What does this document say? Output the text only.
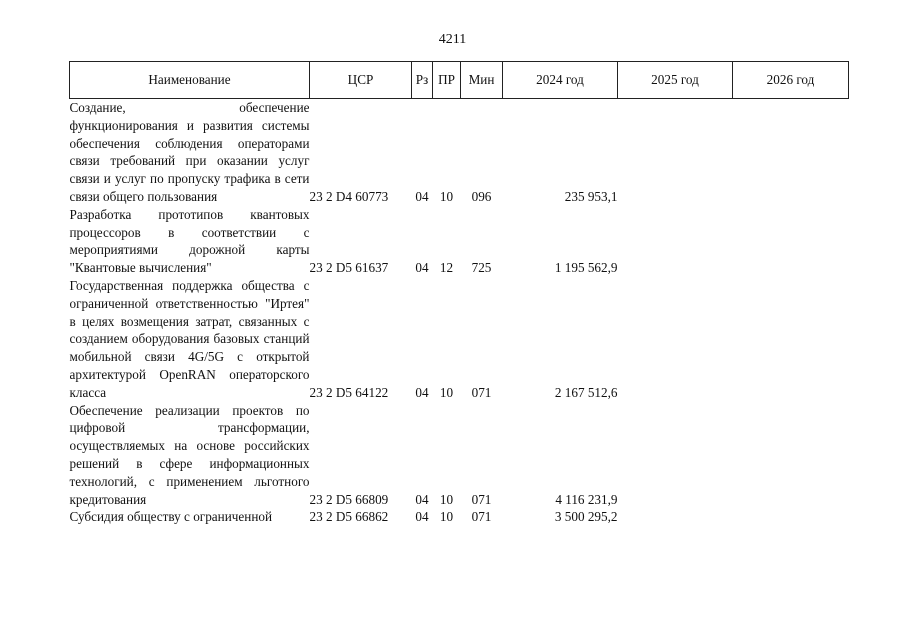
4211
Наименование	ЦСР	Рз	ПР	Мин	2024 год	2025 год	2026 год
Создание, обеспечение функционирования и развития системы обеспечения соблюдения операторами связи требований при оказании услуг связи и услуг по пропуску трафика в сети связи общего пользования	23 2 D4 60773	04	10	096	235 953,1		
Разработка прототипов квантовых процессоров в соответствии с мероприятиями дорожной карты "Квантовые вычисления"	23 2 D5 61637	04	12	725	1 195 562,9		
Государственная поддержка общества с ограниченной ответственностью "Иртея" в целях возмещения затрат, связанных с созданием оборудования базовых станций мобильной связи 4G/5G с открытой архитектурой OpenRAN операторского класса	23 2 D5 64122	04	10	071	2 167 512,6		
Обеспечение реализации проектов по цифровой трансформации, осуществляемых на основе российских решений в сфере информационных технологий, с применением льготного кредитования	23 2 D5 66809	04	10	071	4 116 231,9		
Субсидия обществу с ограниченной	23 2 D5 66862	04	10	071	3 500 295,2		
